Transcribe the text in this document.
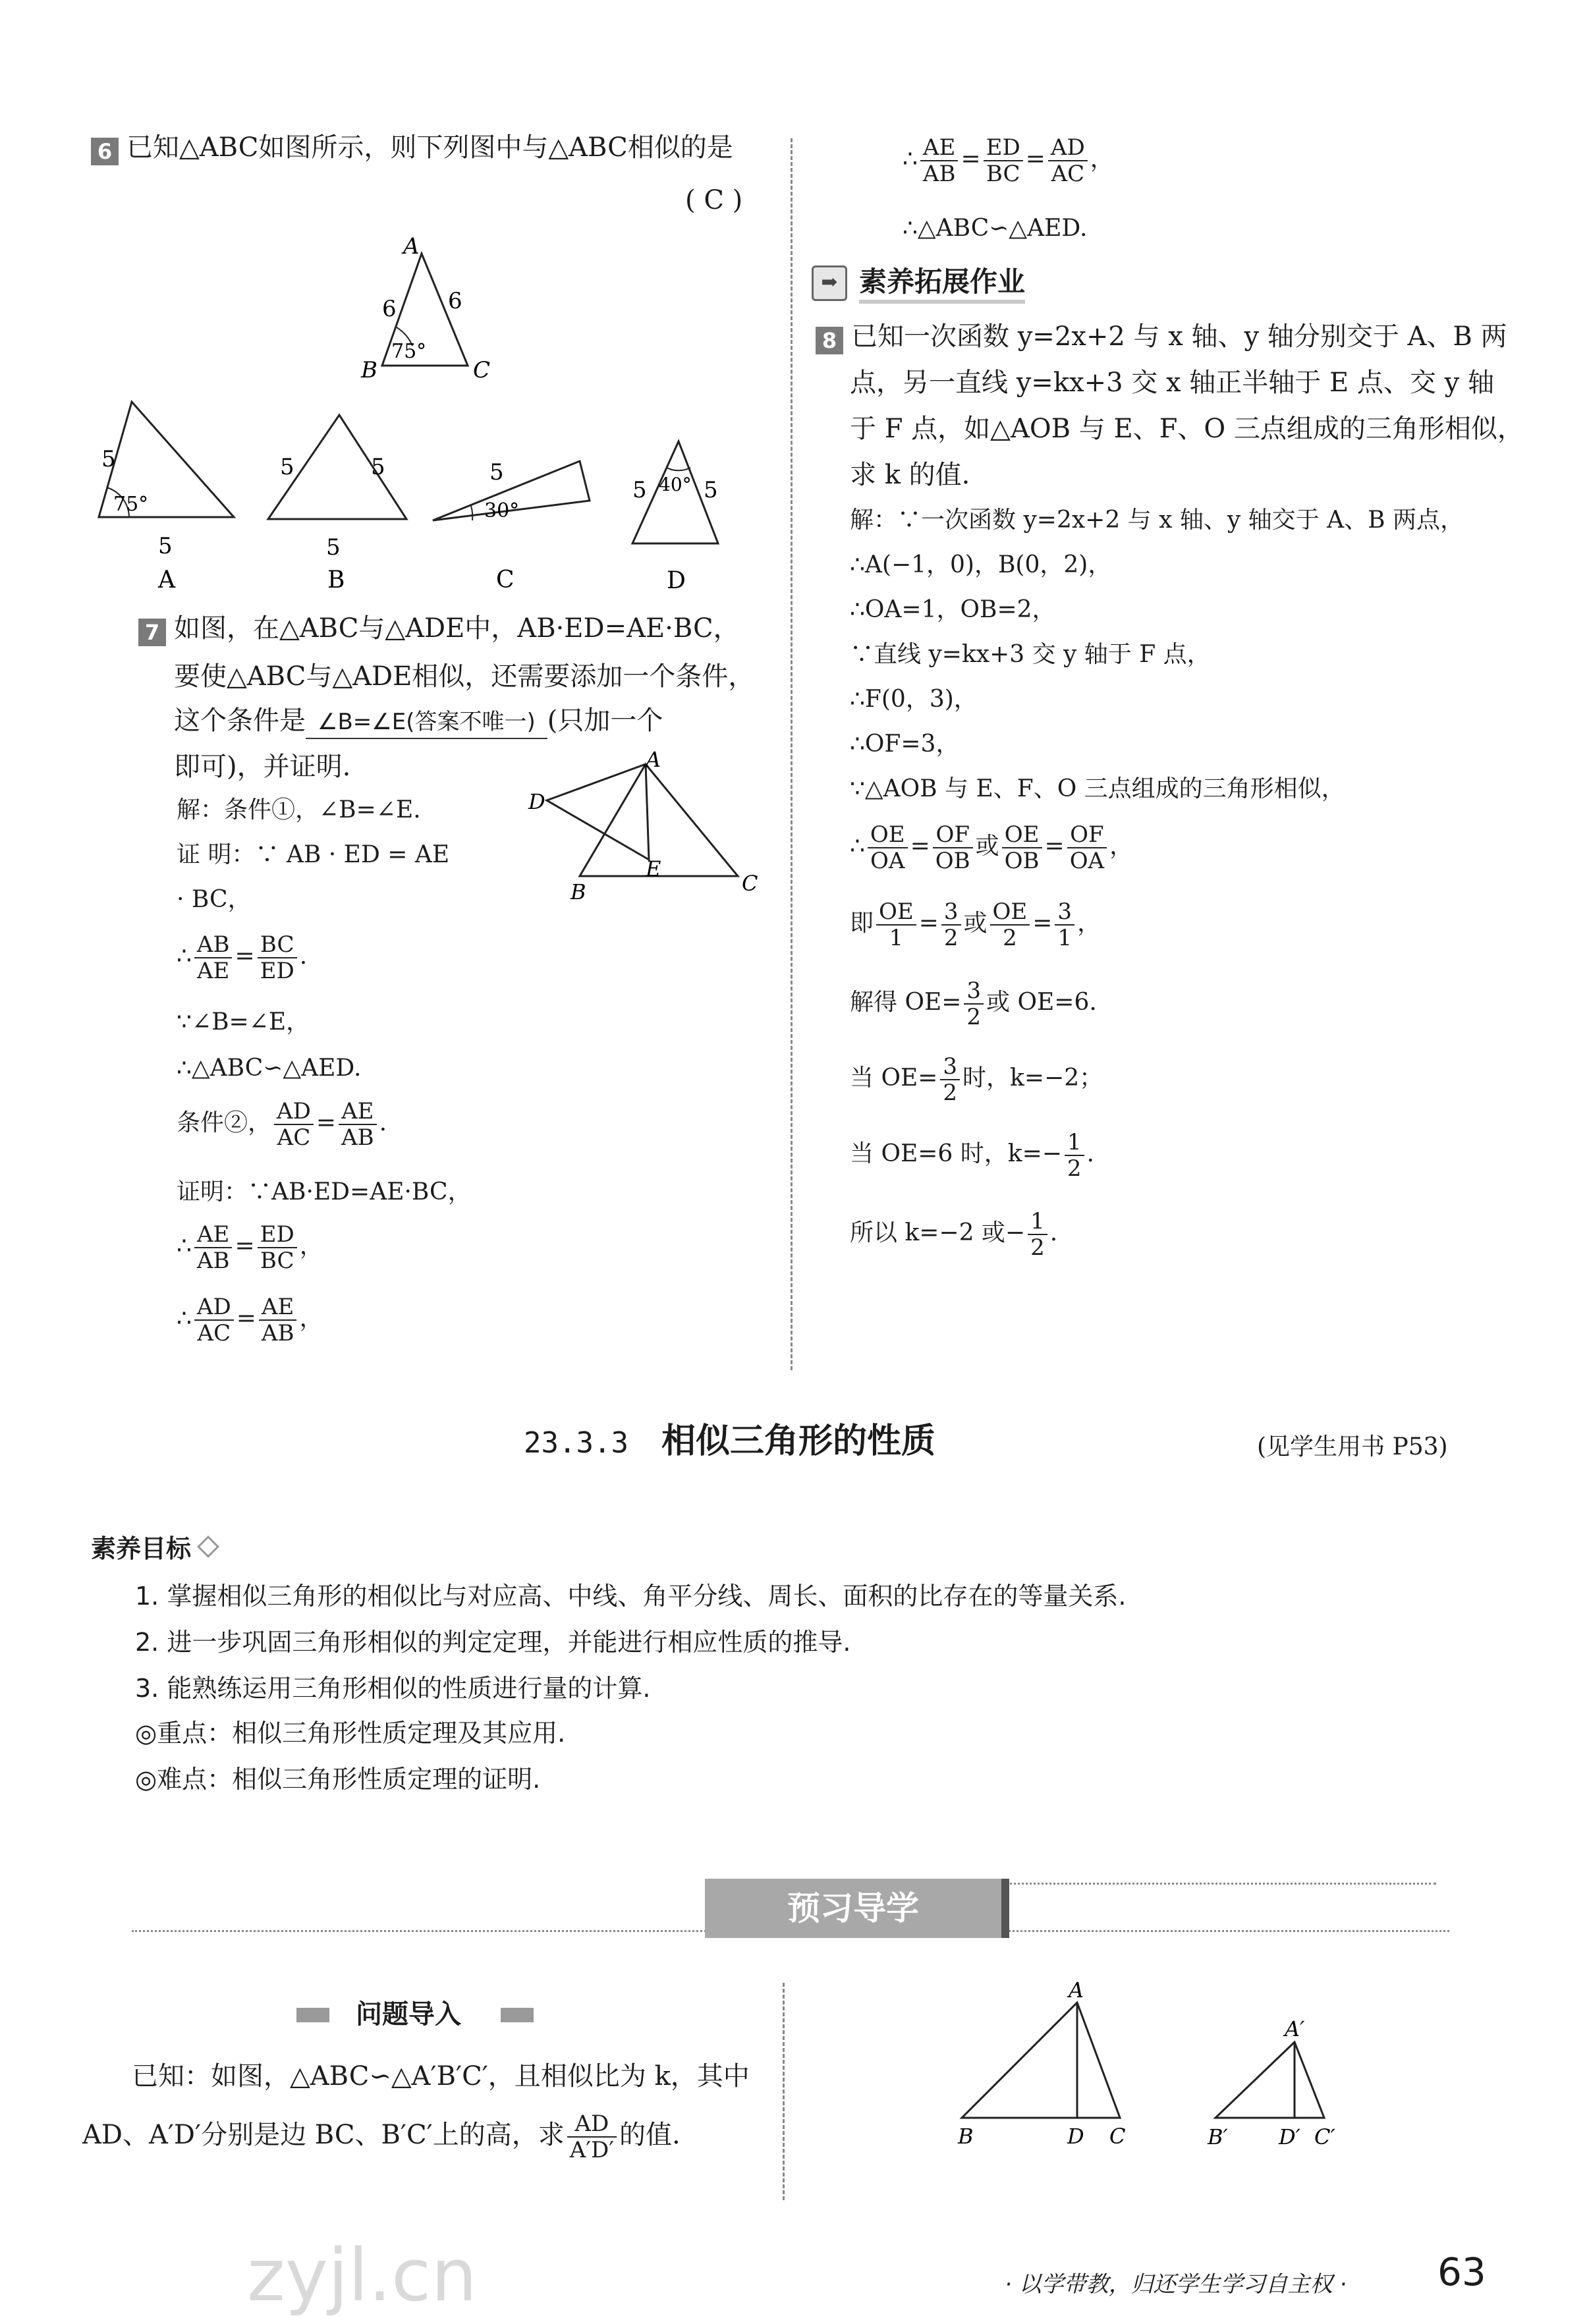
6 已知△ABC如图所示，则下列图中与△ABC相似的是
( C )
A
B	C
6 6
75°
5
5
75°
A
5	5
5
B
5
30°
C
5	5
40°
D
7 如图，在△ABC与△ADE中，AB·ED=AE·BC，
要使△ABC与△ADE相似，还需要添加一个条件，
这个条件是 ∠B=∠E(答案不唯一) (只加一个
即可)，并证明.	A
D
E
B	C
解：条件①，∠B=∠E.
证 明：∵ AB · ED = AE
· BC，
∴ $\frac{AB}{AE} = \frac{BC}{ED}$ .
∵∠B=∠E，
∴△ABC∽△AED.
条件②， $\frac{AD}{AC} = \frac{AE}{AB}$ .
证明：∵AB·ED=AE·BC，
∴ $\frac{AE}{AB} = \frac{ED}{BC}$ ，
∴ $\frac{AD}{AC} = \frac{AE}{AB}$ ，
∴ $\frac{AE}{AB} = \frac{ED}{BC} = \frac{AD}{AC}$ ，
∴△ABC∽△AED.
➡ 素养拓展作业
8 已知一次函数 y=2x+2 与 x 轴、y 轴分别交于 A、B 两
点，另一直线 y=kx+3 交 x 轴正半轴于 E 点、交 y 轴
于 F 点，如△AOB 与 E、F、O 三点组成的三角形相似，
求 k 的值.
解：∵一次函数 y=2x+2 与 x 轴、y 轴交于 A、B 两点，
∴A(−1，0)，B(0，2)，
∴OA=1，OB=2，
∵直线 y=kx+3 交 y 轴于 F 点，
∴F(0，3)，
∴OF=3，
∵△AOB 与 E、F、O 三点组成的三角形相似，
∴ $\frac{OE}{OA} = \frac{OF}{OB}$ 或 $\frac{OE}{OB} = \frac{OF}{OA}$ ，
即 $\frac{OE}{1} = \frac{3}{2}$ 或 $\frac{OE}{2} = \frac{3}{1}$ ，
解得 $OE= \frac{3}{2}$ 或 OE=6.
当 $OE= \frac{3}{2}$ 时，k=−2；
当 OE=6 时，$k=- \frac{1}{2}$ .
所以 k=−2 或− $\frac{1}{2}$ .
23.3.3 相似三角形的性质	(见学生用书 P53)
素养目标
1. 掌握相似三角形的相似比与对应高、中线、角平分线、周长、面积的比存在的等量关系.
2. 进一步巩固三角形相似的判定定理，并能进行相应性质的推导.
3. 能熟练运用三角形相似的性质进行量的计算.
◎重点：相似三角形性质定理及其应用.
◎难点：相似三角形性质定理的证明.
预习导学
问题导入
已知：如图，△ABC∽△A′B′C′，且相似比为 k，其中
AD、A′D′分别是边 BC、B′C′上的高，求 $\frac{AD}{A'D'}$ 的值.
A
B	D C
A′
B′ D′ C′
· 以学带教，归还学生学习自主权 · 63
zyjl.cn
